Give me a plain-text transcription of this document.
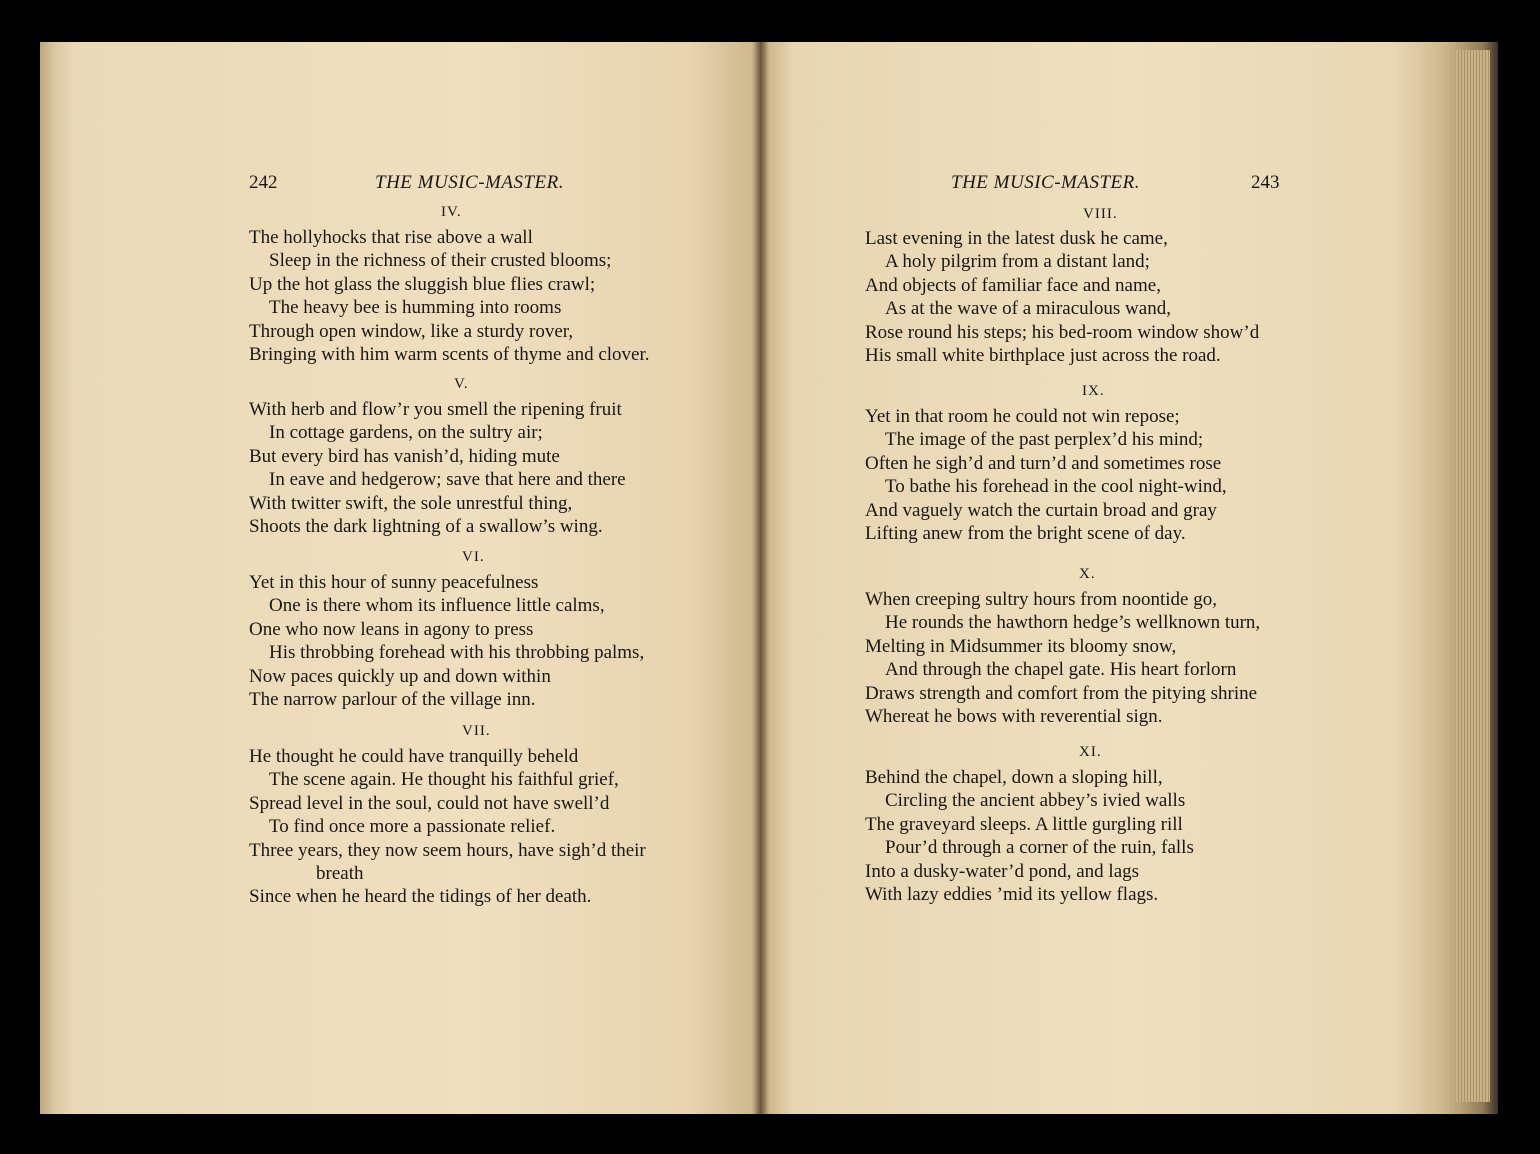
242	THE MUSIC-MASTER.
IV.
The hollyhocks that rise above a wall
Sleep in the richness of their crusted blooms;
Up the hot glass the sluggish blue flies crawl;
The heavy bee is humming into rooms
Through open window, like a sturdy rover,
Bringing with him warm scents of thyme and clover.
V.
With herb and flow’r you smell the ripening fruit
In cottage gardens, on the sultry air;
But every bird has vanish’d, hiding mute
In eave and hedgerow; save that here and there
With twitter swift, the sole unrestful thing,
Shoots the dark lightning of a swallow’s wing.
VI.
Yet in this hour of sunny peacefulness
One is there whom its influence little calms,
One who now leans in agony to press
His throbbing forehead with his throbbing palms,
Now paces quickly up and down within
The narrow parlour of the village inn.
VII.
He thought he could have tranquilly beheld
The scene again. He thought his faithful grief,
Spread level in the soul, could not have swell’d
To find once more a passionate relief.
Three years, they now seem hours, have sigh’d their
breath
Since when he heard the tidings of her death.
THE MUSIC-MASTER.	243
VIII.
Last evening in the latest dusk he came,
A holy pilgrim from a distant land;
And objects of familiar face and name,
As at the wave of a miraculous wand,
Rose round his steps; his bed-room window show’d
His small white birthplace just across the road.
IX.
Yet in that room he could not win repose;
The image of the past perplex’d his mind;
Often he sigh’d and turn’d and sometimes rose
To bathe his forehead in the cool night-wind,
And vaguely watch the curtain broad and gray
Lifting anew from the bright scene of day.
X.
When creeping sultry hours from noontide go,
He rounds the hawthorn hedge’s wellknown turn,
Melting in Midsummer its bloomy snow,
And through the chapel gate. His heart forlorn
Draws strength and comfort from the pitying shrine
Whereat he bows with reverential sign.
XI.
Behind the chapel, down a sloping hill,
Circling the ancient abbey’s ivied walls
The graveyard sleeps. A little gurgling rill
Pour’d through a corner of the ruin, falls
Into a dusky-water’d pond, and lags
With lazy eddies ’mid its yellow flags.
